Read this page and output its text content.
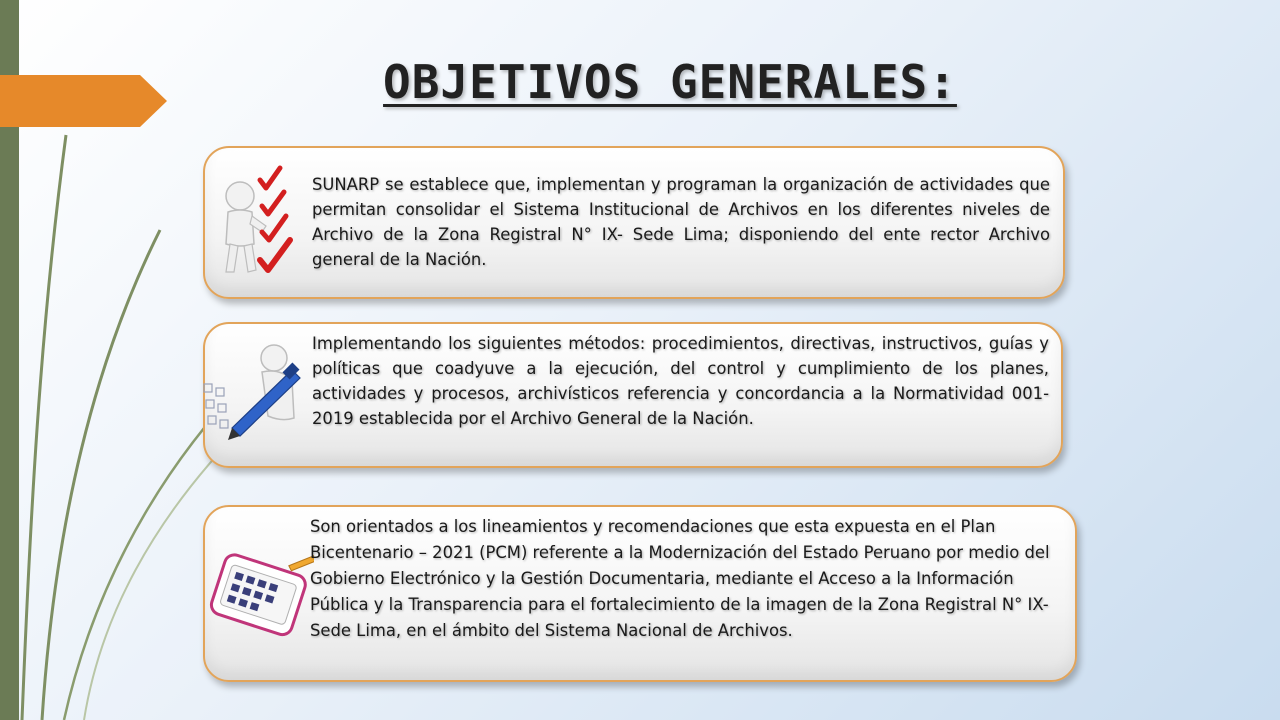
OBJETIVOS GENERALES:

SUNARP se establece que, implementan y programan la organización de actividades que permitan consolidar el Sistema Institucional de Archivos en los diferentes niveles de Archivo de la Zona Registral N° IX- Sede Lima; disponiendo del ente rector Archivo general de la Nación.

Implementando los siguientes métodos: procedimientos, directivas, instructivos, guías y políticas que coadyuve a la ejecución, del control y cumplimiento de los planes, actividades y procesos, archivísticos referencia y concordancia a la Normatividad 001- 2019 establecida por el Archivo General de la Nación.

Son orientados a los lineamientos y recomendaciones que esta expuesta en el Plan Bicentenario – 2021 (PCM) referente a la Modernización del Estado Peruano por medio del Gobierno Electrónico y la Gestión Documentaria, mediante el Acceso a la Información Pública y la Transparencia para el fortalecimiento de la imagen de la Zona Registral N° IX-Sede Lima, en el ámbito del Sistema Nacional de Archivos.
